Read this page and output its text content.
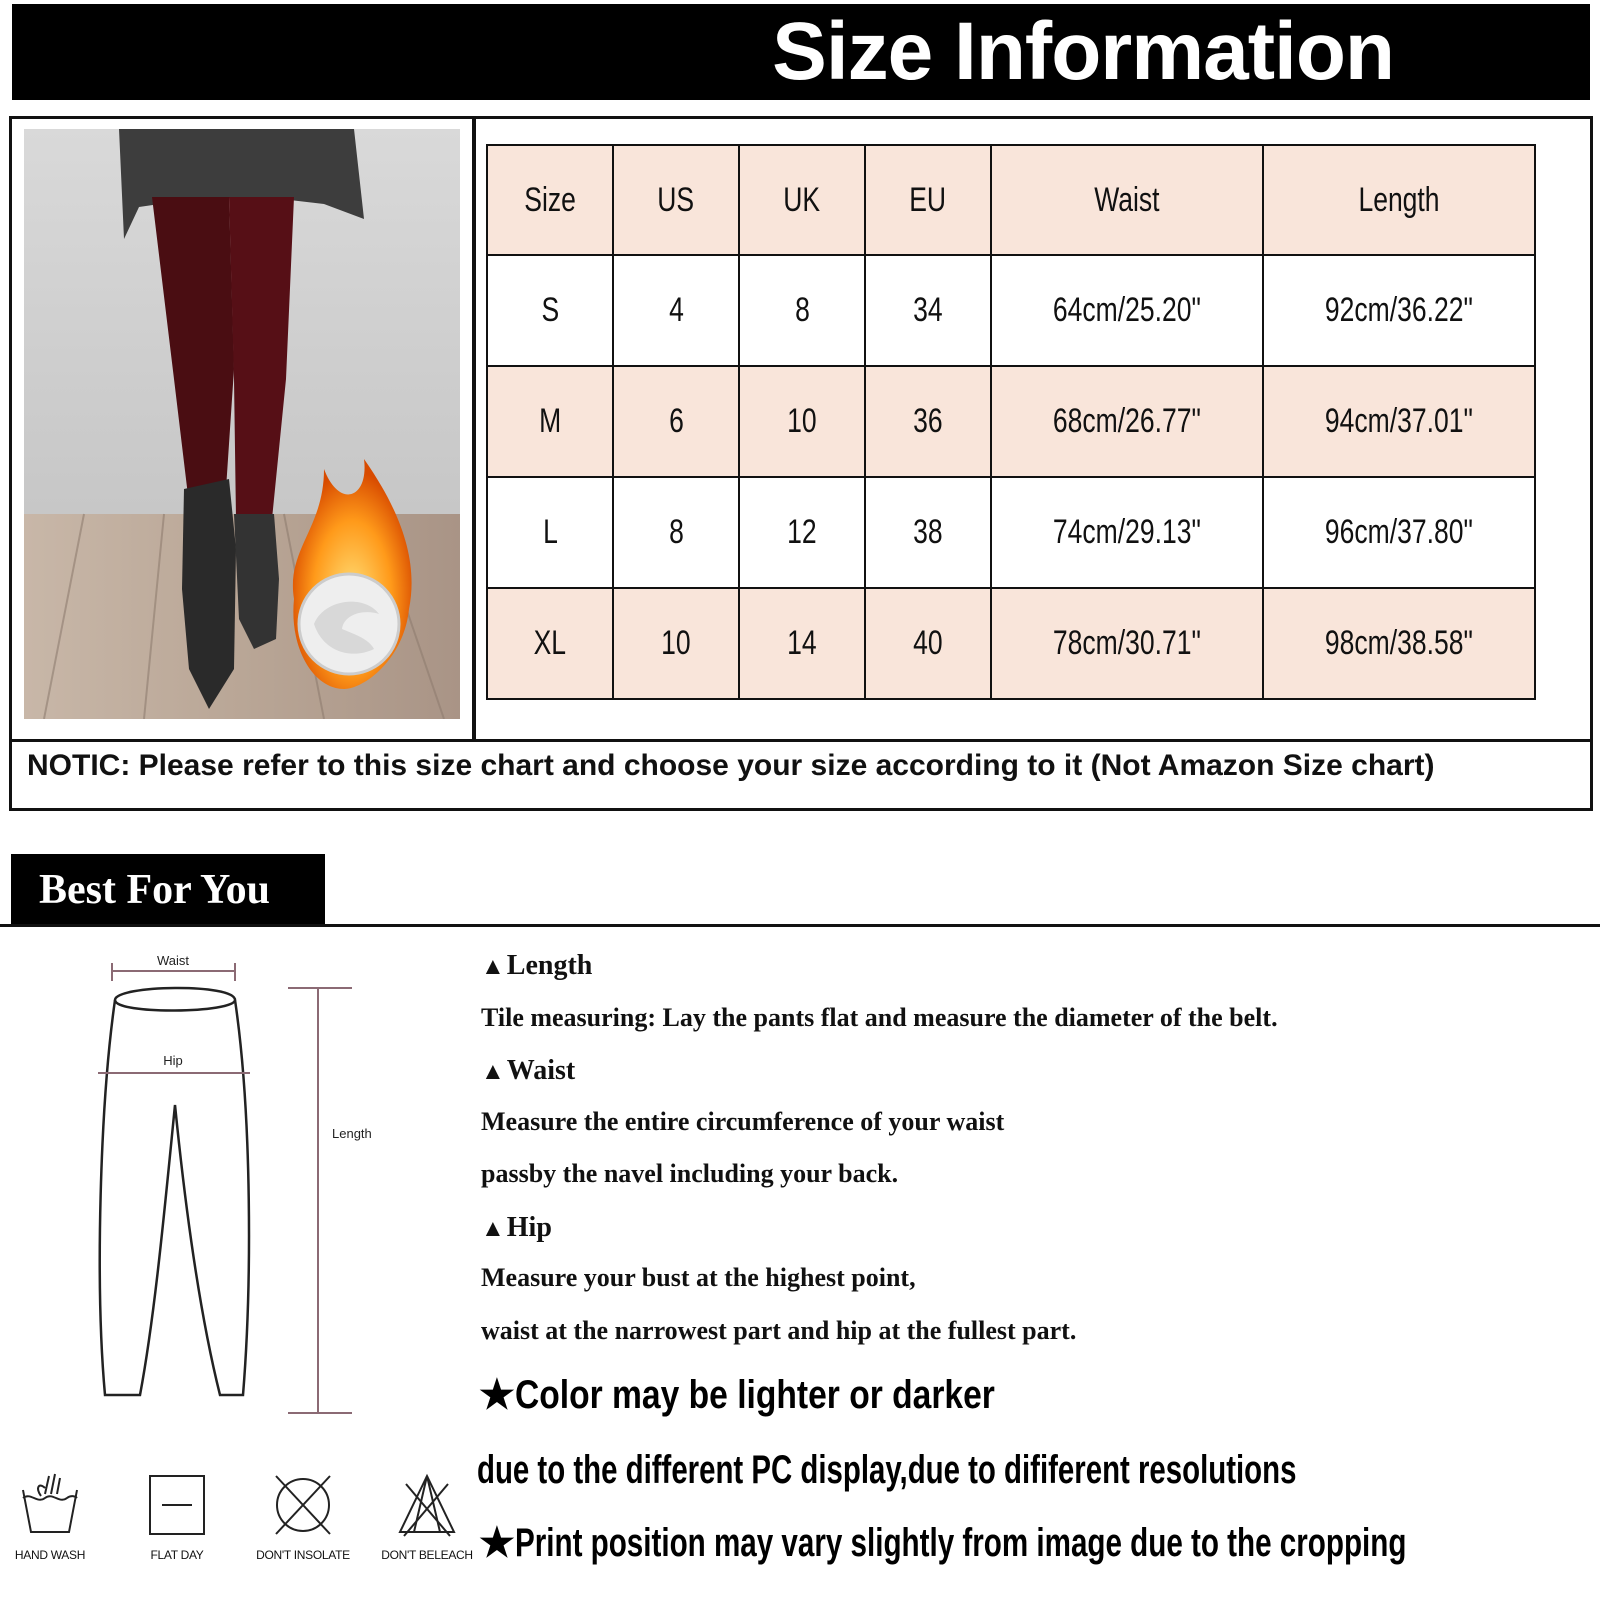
Size Information
NOTIC: Please refer to this size chart and choose your size according to it (Not Amazon Size chart)
Size	US	UK	EU	Waist	Length
S	4	8	34	64cm/25.20"	92cm/36.22"
M	6	10	36	68cm/26.77"	94cm/37.01"
L	8	12	38	74cm/29.13"	96cm/37.80"
XL	10	14	40	78cm/30.71"	98cm/38.58"
Best For You
Waist
Hip
Length
HAND WASH	FLAT DAY	DON'T INSOLATE	DON'T BELEACH
▲Length
Tile measuring: Lay the pants flat and measure the diameter of the belt.
▲Waist
Measure the entire circumference of your waist
passby the navel including your back.
▲Hip
Measure your bust at the highest point,
waist at the narrowest part and hip at the fullest part.
★Color may be lighter or darker
due to the different PC display,due to dififerent resolutions
★Print position may vary slightly from image due to the cropping
